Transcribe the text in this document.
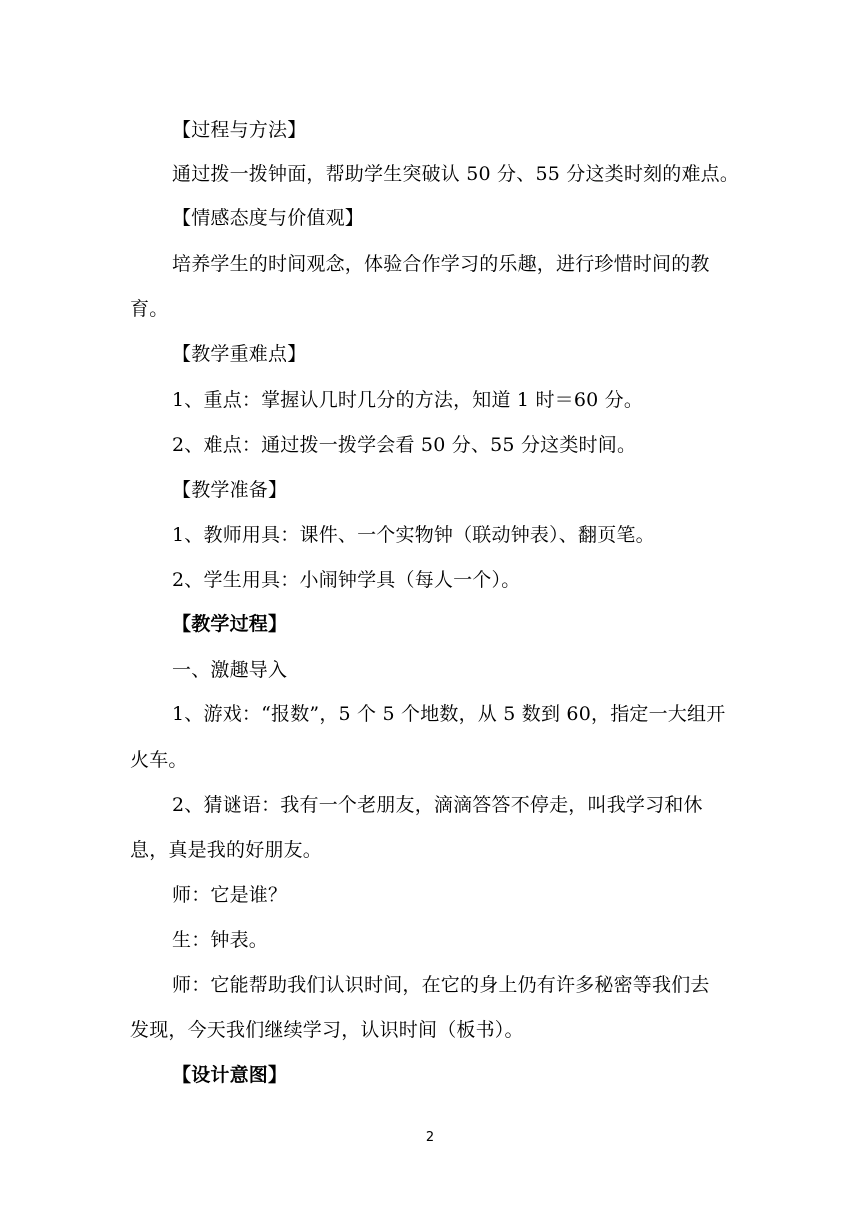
【过程与方法】
通过拨一拨钟面，帮助学生突破认 50 分、55 分这类时刻的难点。
【情感态度与价值观】
培养学生的时间观念，体验合作学习的乐趣，进行珍惜时间的教
育。
【教学重难点】
1、重点：掌握认几时几分的方法，知道 1 时＝60 分。
2、难点：通过拨一拨学会看 50 分、55 分这类时间。
【教学准备】
1、教师用具：课件、一个实物钟（联动钟表）、翻页笔。
2、学生用具：小闹钟学具（每人一个）。
【教学过程】
一、激趣导入
1、游戏：“报数”，5 个 5 个地数，从 5 数到 60，指定一大组开
火车。
2、猜谜语：我有一个老朋友，滴滴答答不停走，叫我学习和休
息，真是我的好朋友。
师：它是谁？
生：钟表。
师：它能帮助我们认识时间，在它的身上仍有许多秘密等我们去
发现，今天我们继续学习，认识时间（板书）。
【设计意图】
2
